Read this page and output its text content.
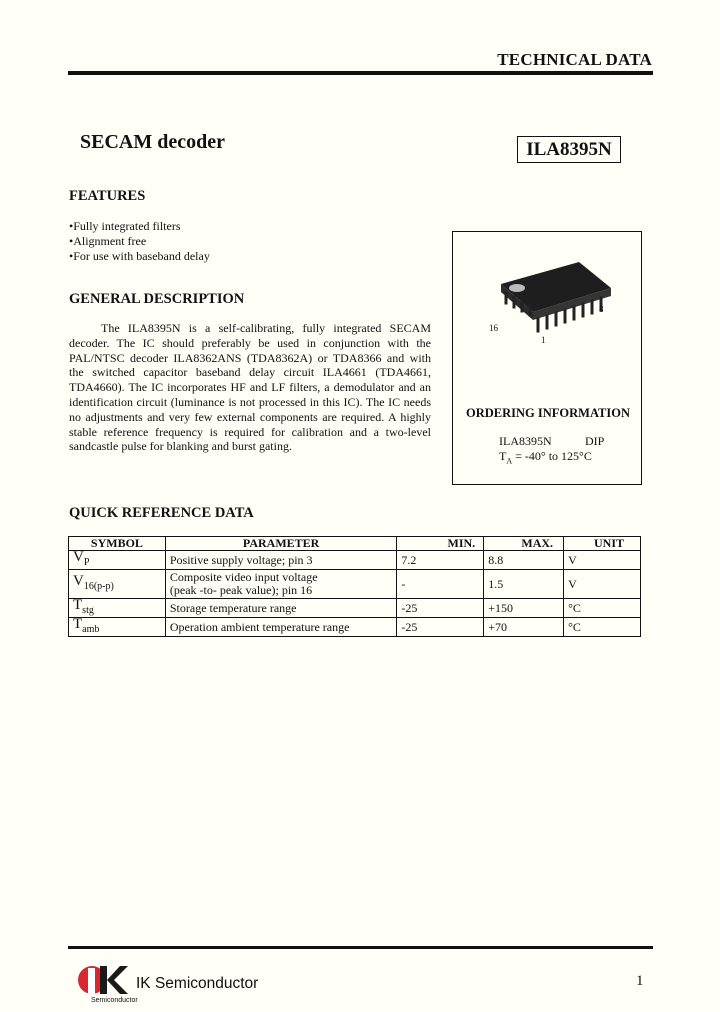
TECHNICAL DATA
SECAM decoder	ILA8395N
FEATURES
•Fully integrated filters
•Alignment free
•For use with baseband delay
GENERAL DESCRIPTION
The ILA8395N is a self-calibrating, fully integrated SECAM decoder. The IC should preferably be used in conjunction with the PAL/NTSC decoder ILA8362ANS (TDA8362A) or TDA8366 and with the switched capacitor baseband delay circuit ILA4661 (TDA4661, TDA4660). The IC incorporates HF and LF filters, a demodulator and an identification circuit (luminance is not processed in this IC). The IC needs no adjustments and very few external components are required. A highly stable reference frequency is required for calibration and a two-level sandcastle pulse for blanking and burst gating.
16
1
8
ORDERING INFORMATION
ILA8395N	DIP
$T_A = -40^\circ$ to 125°C
QUICK REFERENCE DATA
SYMBOL	PARAMETER	MIN.	MAX.	UNIT
$V_P$	Positive supply voltage; pin 3	7.2	8.8	V
$V_{16(p-p)}$	Composite video input voltage
(peak -to- peak value); pin 16	-	1.5	V
$T_{stg}$	Storage temperature range	-25	+150	°C
$T_{amb}$	Operation ambient temperature range	-25	+70	°C
IK
Semiconductor
IK Semiconductor	1
